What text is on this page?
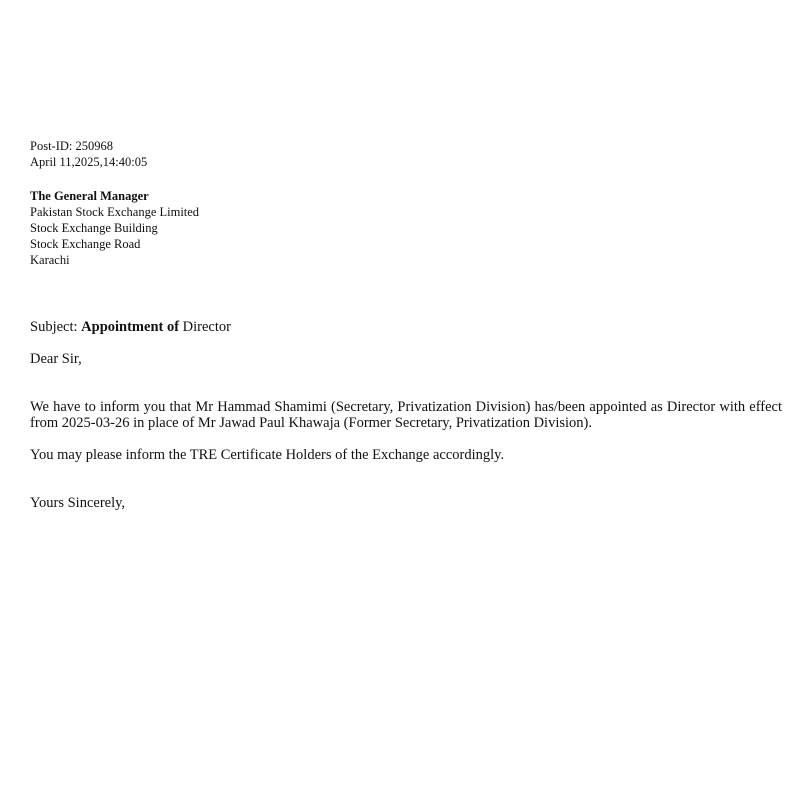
Post-ID: 250968
April 11,2025,14:40:05
The General Manager
Pakistan Stock Exchange Limited
Stock Exchange Building
Stock Exchange Road
Karachi
Subject: Appointment of Director
Dear Sir,
We have to inform you that Mr Hammad Shamimi (Secretary, Privatization Division) has/been appointed as Director with effect from 2025-03-26 in place of Mr Jawad Paul Khawaja (Former Secretary, Privatization Division).
You may please inform the TRE Certificate Holders of the Exchange accordingly.
Yours Sincerely,
